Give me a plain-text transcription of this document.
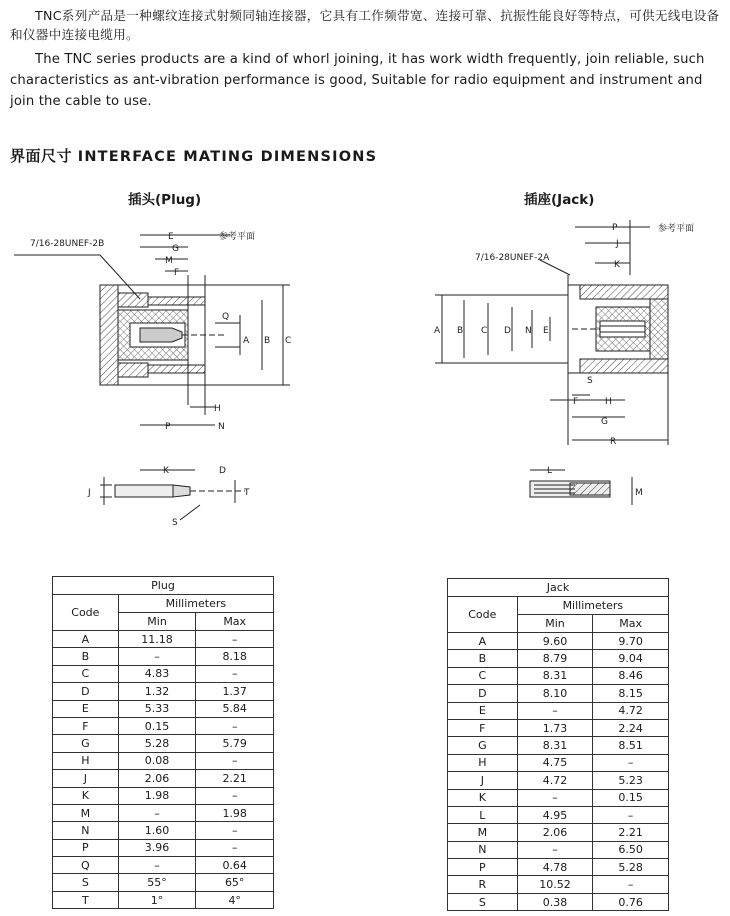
TNC系列产品是一种螺纹连接式射频同轴连接器，它具有工作频带宽、连接可靠、抗振性能良好等特点，可供无线电设备和仪器中连接电缆用。
The TNC series products are a kind of whorl joining, it has work width frequently, join reliable, such characteristics as ant-vibration performance is good, Suitable for radio equipment and instrument and join the cable to use.
界面尺寸 INTERFACE MATING DIMENSIONS
插头(Plug)	插座(Jack)
7/16-28UNEF-2B
参考平面
E
G
M
F
Q
A B C
H
P	N
K	D
J	T
S
7/16-28UNEF-2A
参考平面
P
J
K
A B C D N E
S
F	H
G
R
L
M
Plug		
Code	Millimeters	
	Min	Max
A	11.18	–
B	–	8.18
C	4.83	–
D	1.32	1.37
E	5.33	5.84
F	0.15	–
G	5.28	5.79
H	0.08	–
J	2.06	2.21
K	1.98	–
M	–	1.98
N	1.60	–
P	3.96	–
Q	–	0.64
S	55°	65°
T	1°	4°
Jack		
Code	Millimeters	
	Min	Max
A	9.60	9.70
B	8.79	9.04
C	8.31	8.46
D	8.10	8.15
E	–	4.72
F	1.73	2.24
G	8.31	8.51
H	4.75	–
J	4.72	5.23
K	–	0.15
L	4.95	–
M	2.06	2.21
N	–	6.50
P	4.78	5.28
R	10.52	–
S	0.38	0.76
